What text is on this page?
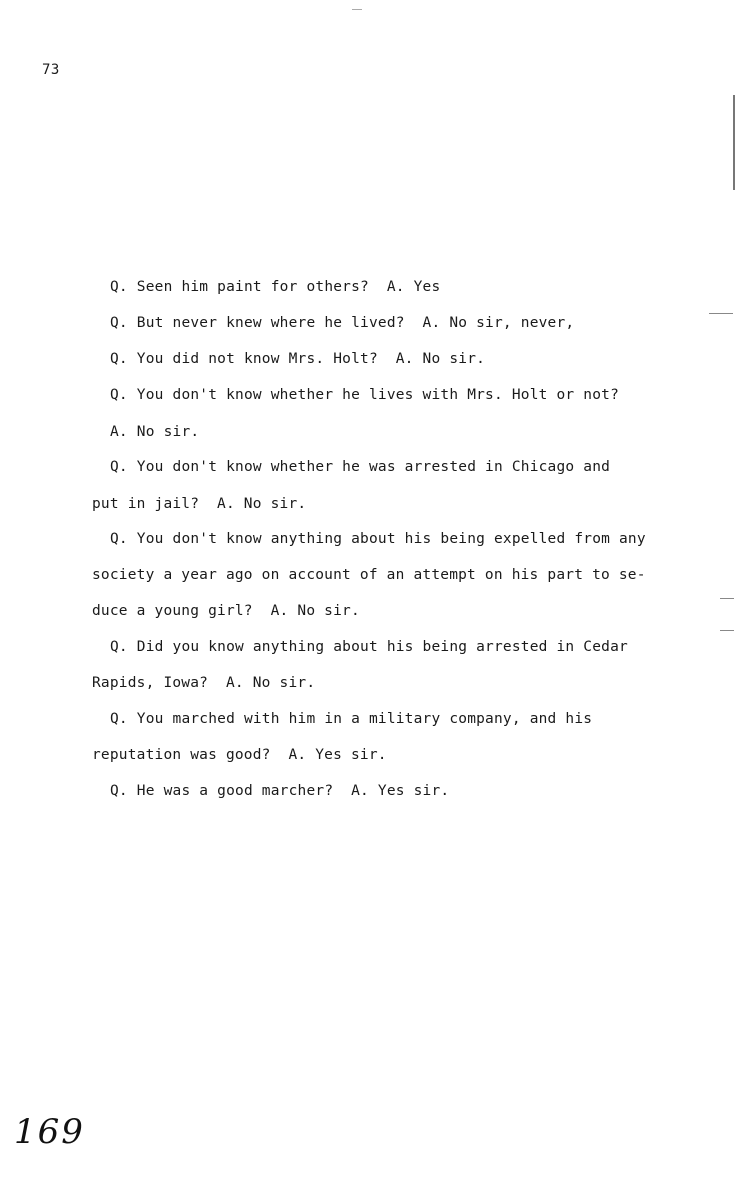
73
Q. Seen him paint for others?  A. Yes
Q. But never knew where he lived?  A. No sir, never,
Q. You did not know Mrs. Holt?  A. No sir.
Q. You don't know whether he lives with Mrs. Holt or not?
A. No sir.
Q. You don't know whether he was arrested in Chicago and
put in jail?  A. No sir.
Q. You don't know anything about his being expelled from any
society a year ago on account of an attempt on his part to se-
duce a young girl?  A. No sir.
Q. Did you know anything about his being arrested in Cedar
Rapids, Iowa?  A. No sir.
Q. You marched with him in a military company, and his
reputation was good?  A. Yes sir.
Q. He was a good marcher?  A. Yes sir.
169
